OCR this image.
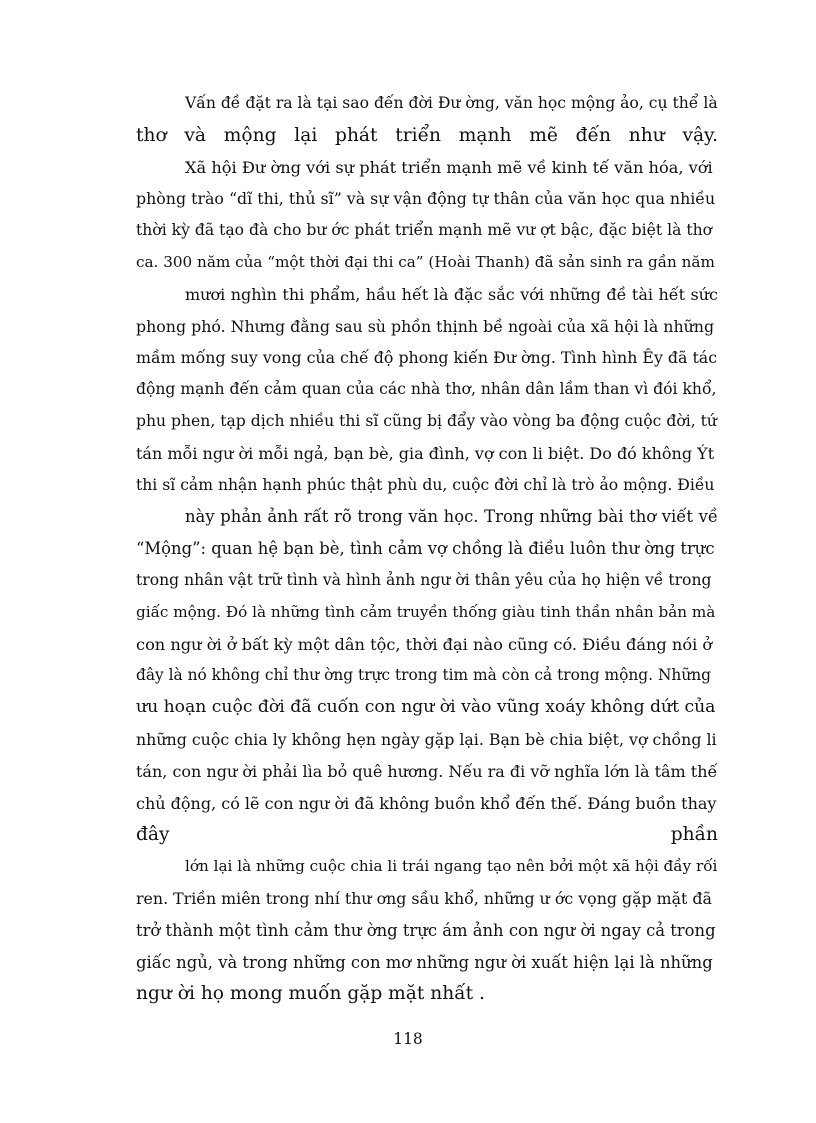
Vấn đề đặt ra là tại sao đến đời Đư ờng, văn học mộng ảo, cụ thể là
thơ và mộng lại phát triển mạnh mẽ đến như vậy.
Xã hội Đư ờng với sự phát triển mạnh mẽ về kinh tế văn hóa, với
phòng trào “dĩ thi, thủ sĩ” và sự vận động tự thân của văn học qua nhiều
thời kỳ đã tạo đà cho bư ớc phát triển mạnh mẽ vư ợt bậc, đặc biệt là thơ
ca. 300 năm của “một thời đại thi ca” (Hoài Thanh) đã sản sinh ra gần năm
mươi nghìn thi phẩm, hầu hết là đặc sắc với những đề tài hết sức
phong phó. Nhưng đằng sau sù phồn thịnh bề ngoài của xã hội là những
mầm mống suy vong của chế độ phong kiến Đư ờng. Tình hình Êy đã tác
động mạnh đến cảm quan của các nhà thơ, nhân dân lầm than vì đói khổ,
phu phen, tạp dịch nhiều thi sĩ cũng bị đẩy vào vòng ba động cuộc đời, tứ
tán mỗi ngư ời mỗi ngả, bạn bè, gia đình, vợ con li biệt. Do đó không Ýt
thi sĩ cảm nhận hạnh phúc thật phù du, cuộc đời chỉ là trò ảo mộng. Điều
này phản ảnh rất rõ trong văn học. Trong những bài thơ viết về
“Mộng”: quan hệ bạn bè, tình cảm vợ chồng là điều luôn thư ờng trực
trong nhân vật trữ tình và hình ảnh ngư ời thân yêu của họ hiện về trong
giấc mộng. Đó là những tình cảm truyền thống giàu tinh thần nhân bản mà
con ngư ời ở bất kỳ một dân tộc, thời đại nào cũng có. Điều đáng nói ở
đây là nó không chỉ thư ờng trực trong tim mà còn cả trong mộng. Những
ưu hoạn cuộc đời đã cuốn con ngư ời vào vũng xoáy không dứt của
những cuộc chia ly không hẹn ngày gặp lại. Bạn bè chia biệt, vợ chồng li
tán, con ngư ời phải lìa bỏ quê hương. Nếu ra đi vỡ nghĩa lớn là tâm thế
chủ động, có lẽ con ngư ời đã không buồn khổ đến thế. Đáng buồn thay
đây phần
lớn lại là những cuộc chia li trái ngang tạo nên bởi một xã hội đầy rối
ren. Triền miên trong nhí thư ơng sầu khổ, những ư ớc vọng gặp mặt đã
trở thành một tình cảm thư ờng trực ám ảnh con ngư ời ngay cả trong
giấc ngủ, và trong những con mơ những ngư ời xuất hiện lại là những
ngư ời họ mong muốn gặp mặt nhất .
118
